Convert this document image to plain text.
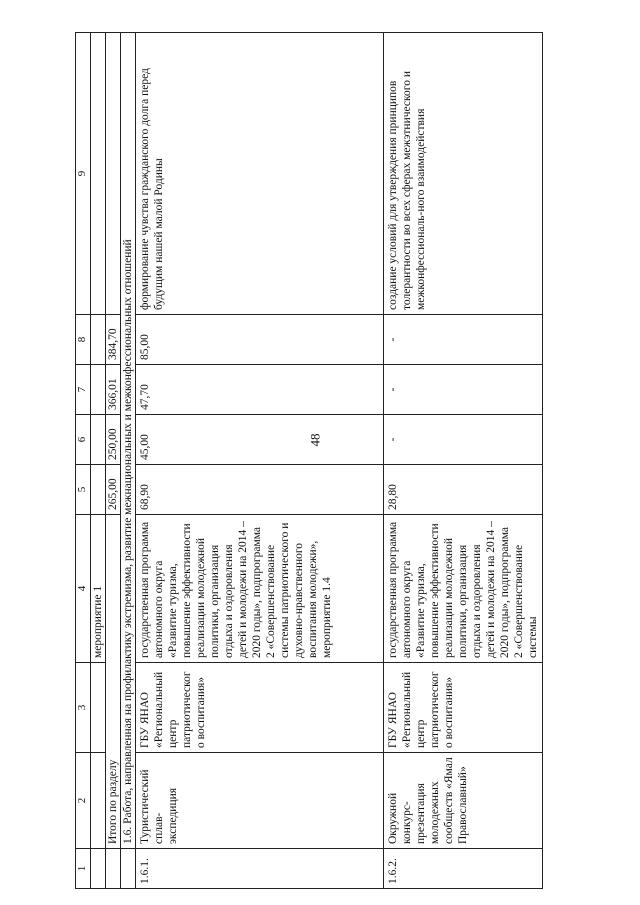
48
1	2	3	4	5	6	7	8	9
			мероприятие 1					
	Итого по разделу			265,00	250,00	366,01	384,70	
	1.6. Работа, направленная на профилактику экстремизма, развитие межнациональных и межконфессиональных отношений							
1.6.1.	Туристический сплав-экспедиция	ГБУ ЯНАО «Региональный центр патриотического воспитания»	государственная программа автономного округа «Развитие туризма, повышение эффективности реализации молодежной политики, организация отдыха и оздоровления детей и молодежи на 2014 – 2020 годы», подпрограмма 2 «Совершенствование системы патриотического и духовно-нравственного воспитания молодежи», мероприятие 1.4	68,90	45,00	47,70	85,00	формирование чувства гражданского долга перед будущим нашей малой Родины
1.6.2.	Окружной конкурс-презентация молодежных сообществ «Ямал Православный»	ГБУ ЯНАО «Региональный центр патриотического воспитания»	государственная программа автономного округа «Развитие туризма, повышение эффективности реализации молодежной политики, организация отдыха и оздоровления детей и молодежи на 2014 – 2020 годы», подпрограмма 2 «Совершенствование системы	28,80	-	-	-	создание условий для утверждения принципов толерантности во всех сферах межэтнического и межконфессиональ-ного взаимодействия
